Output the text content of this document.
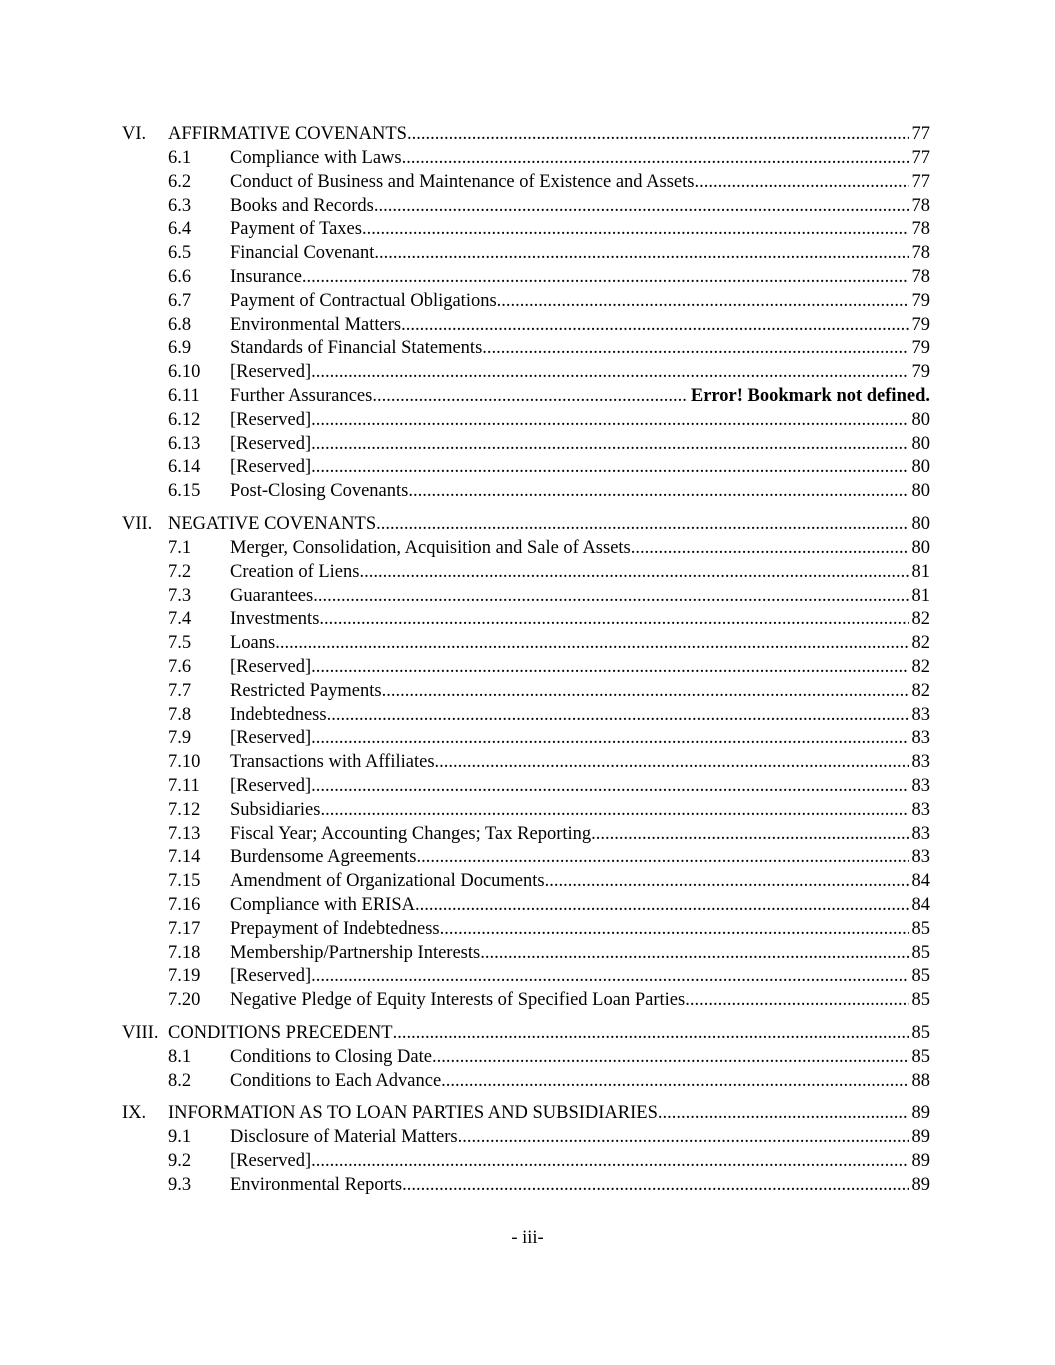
VI. AFFIRMATIVE COVENANTS .....	77
6.1 Compliance with Laws .....	77
6.2 Conduct of Business and Maintenance of Existence and Assets .....	77
6.3 Books and Records .....	78
6.4 Payment of Taxes .....	78
6.5 Financial Covenant .....	78
6.6 Insurance .....	78
6.7 Payment of Contractual Obligations .....	79
6.8 Environmental Matters .....	79
6.9 Standards of Financial Statements .....	79
6.10 [Reserved] .....	79
6.11 Further Assurances .....	Error! Bookmark not defined.
6.12 [Reserved] .....	80
6.13 [Reserved] .....	80
6.14 [Reserved] .....	80
6.15 Post-Closing Covenants .....	80
VII. NEGATIVE COVENANTS .....	80
7.1 Merger, Consolidation, Acquisition and Sale of Assets .....	80
7.2 Creation of Liens .....	81
7.3 Guarantees .....	81
7.4 Investments .....	82
7.5 Loans .....	82
7.6 [Reserved] .....	82
7.7 Restricted Payments .....	82
7.8 Indebtedness .....	83
7.9 [Reserved] .....	83
7.10 Transactions with Affiliates .....	83
7.11 [Reserved] .....	83
7.12 Subsidiaries .....	83
7.13 Fiscal Year; Accounting Changes; Tax Reporting .....	83
7.14 Burdensome Agreements .....	83
7.15 Amendment of Organizational Documents .....	84
7.16 Compliance with ERISA .....	84
7.17 Prepayment of Indebtedness .....	85
7.18 Membership/Partnership Interests .....	85
7.19 [Reserved] .....	85
7.20 Negative Pledge of Equity Interests of Specified Loan Parties .....	85
VIII. CONDITIONS PRECEDENT .....	85
8.1 Conditions to Closing Date .....	85
8.2 Conditions to Each Advance .....	88
IX. INFORMATION AS TO LOAN PARTIES AND SUBSIDIARIES .....	89
9.1 Disclosure of Material Matters .....	89
9.2 [Reserved] .....	89
9.3 Environmental Reports .....	89
- iii-
